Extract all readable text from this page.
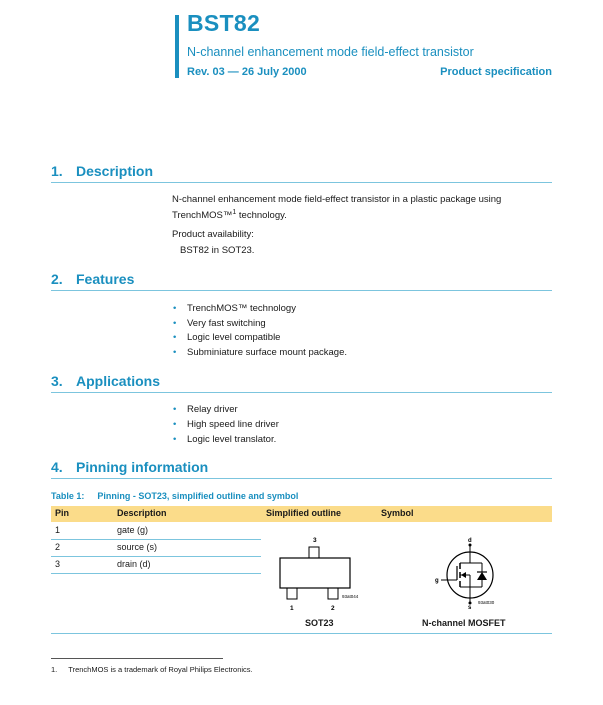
BST82
N-channel enhancement mode field-effect transistor
Rev. 03 — 26 July 2000	Product specification
1. Description
N-channel enhancement mode field-effect transistor in a plastic package using
TrenchMOS™$^1$ technology.
Product availability:
BST82 in SOT23.
2. Features
• TrenchMOS™ technology
• Very fast switching
• Logic level compatible
• Subminiature surface mount package.
3. Applications
• Relay driver
• High speed line driver
• Logic level translator.
4. Pinning information
Table 1: Pinning - SOT23, simplified outline and symbol
Pin	Description	Simplified outline	Symbol
1	gate (g)
2	source (s)
3	drain (d)
3
1	2
93at044
SOT23
d
g
s
93at030
N-channel MOSFET
1. TrenchMOS is a trademark of Royal Philips Electronics.
